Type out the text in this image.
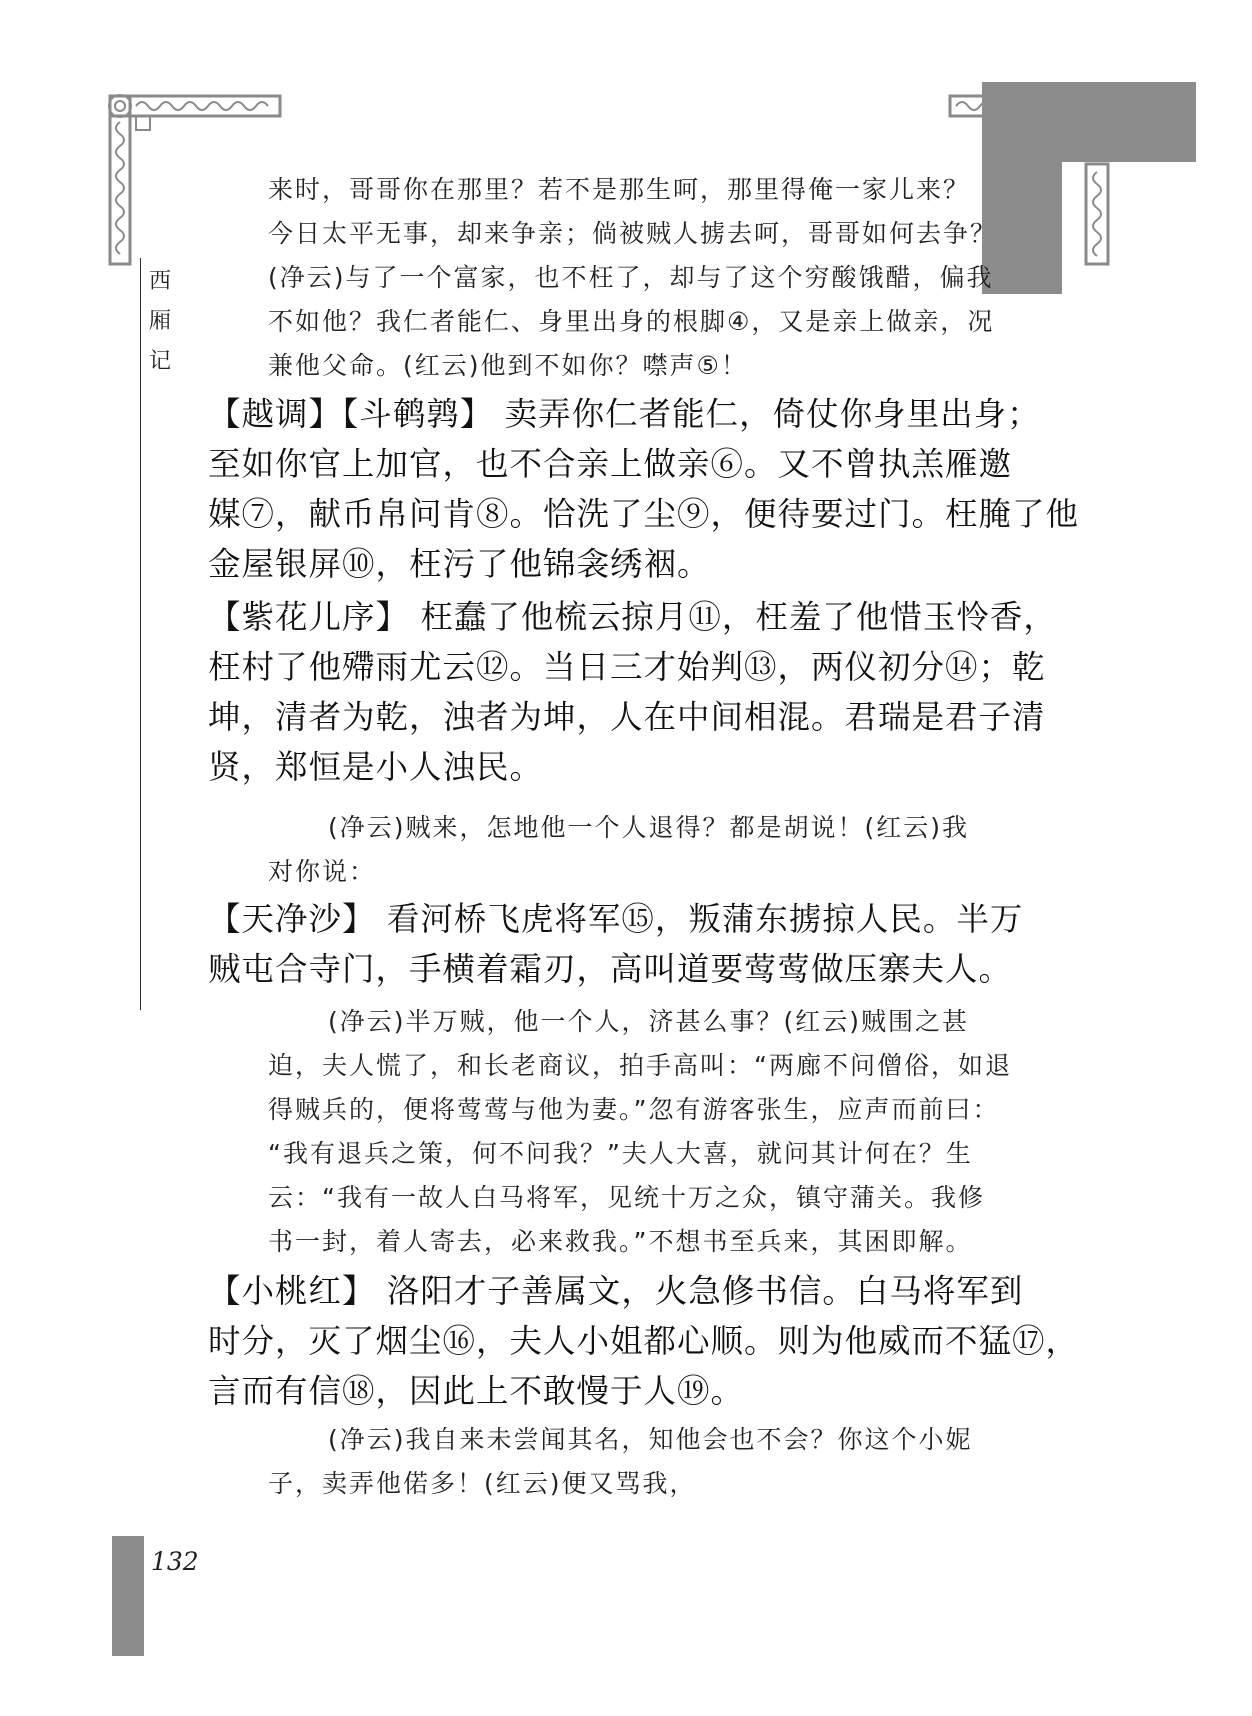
西
厢
记
来时，哥哥你在那里？若不是那生呵，那里得俺一家儿来？
今日太平无事，却来争亲；倘被贼人掳去呵，哥哥如何去争？
(净云)与了一个富家，也不枉了，却与了这个穷酸饿醋，偏我
不如他？我仁者能仁、身里出身的根脚④，又是亲上做亲，况
兼他父命。(红云)他到不如你？噤声⑤！
【越调】【斗鹌鹑】 卖弄你仁者能仁，倚仗你身里出身；
至如你官上加官，也不合亲上做亲⑥。又不曾执羔雁邀
媒⑦，献币帛问肯⑧。恰洗了尘⑨，便待要过门。枉腌了他
金屋银屏⑩，枉污了他锦衾绣裀。
【紫花儿序】 枉蠢了他梳云掠月⑪，枉羞了他惜玉怜香，
枉村了他殢雨尤云⑫。当日三才始判⑬，两仪初分⑭；乾
坤，清者为乾，浊者为坤，人在中间相混。君瑞是君子清
贤，郑恒是小人浊民。
(净云)贼来，怎地他一个人退得？都是胡说！(红云)我
对你说：
【天净沙】 看河桥飞虎将军⑮，叛蒲东掳掠人民。半万
贼屯合寺门，手横着霜刃，高叫道要莺莺做压寨夫人。
(净云)半万贼，他一个人，济甚么事？(红云)贼围之甚
迫，夫人慌了，和长老商议，拍手高叫：“两廊不问僧俗，如退
得贼兵的，便将莺莺与他为妻。”忽有游客张生，应声而前曰：
“我有退兵之策，何不问我？”夫人大喜，就问其计何在？生
云：“我有一故人白马将军，见统十万之众，镇守蒲关。我修
书一封，着人寄去，必来救我。”不想书至兵来，其困即解。
【小桃红】 洛阳才子善属文，火急修书信。白马将军到
时分，灭了烟尘⑯，夫人小姐都心顺。则为他威而不猛⑰，
言而有信⑱，因此上不敢慢于人⑲。
(净云)我自来未尝闻其名，知他会也不会？你这个小妮
子，卖弄他偌多！(红云)便又骂我，
132
